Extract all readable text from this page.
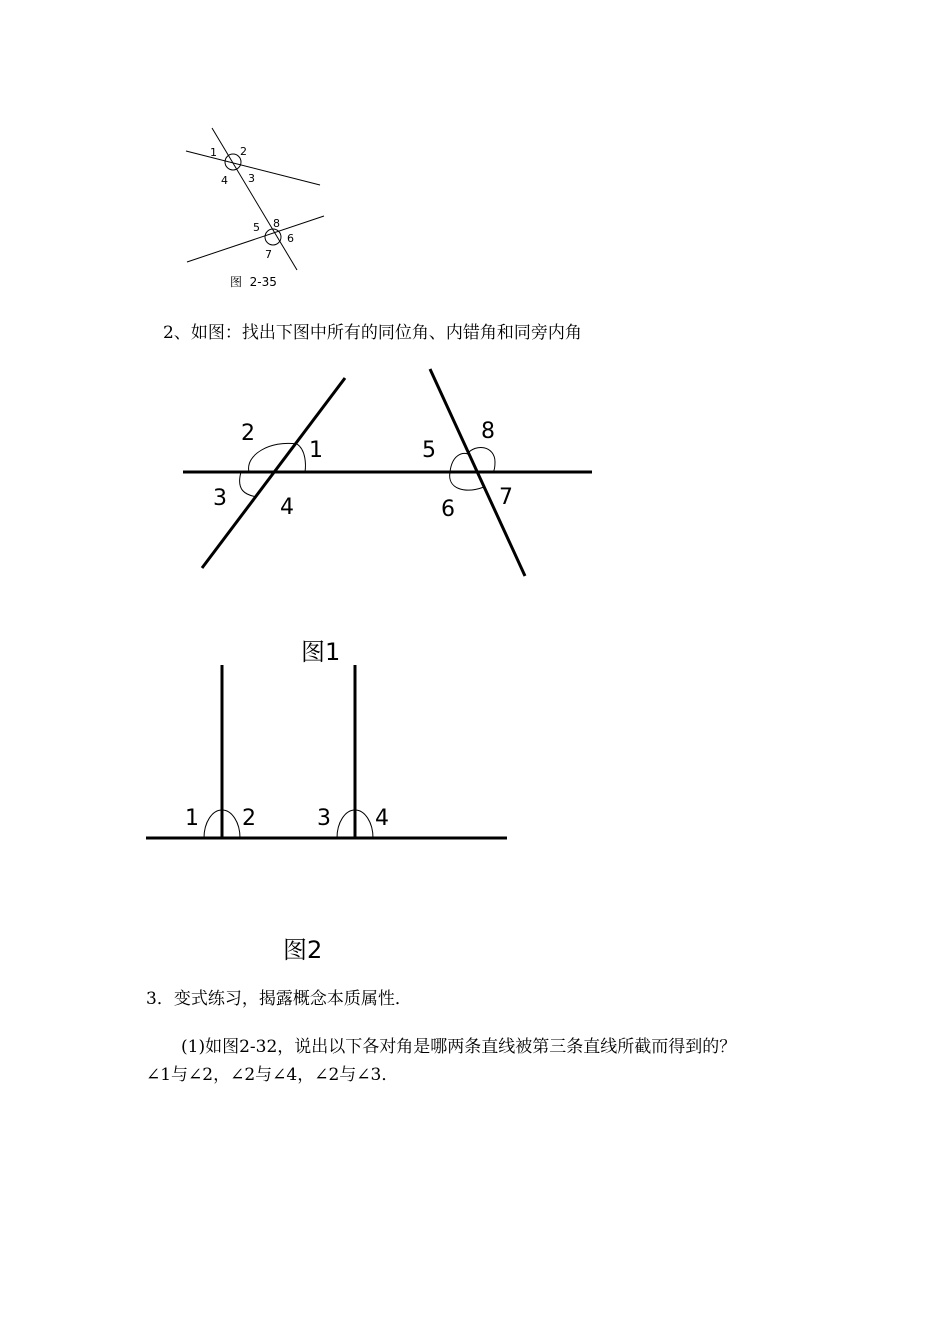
1 2
3
4
5 8
6
7
图  2-35
2、如图：找出下图中所有的同位角、内错角和同旁内角
2
1
3 4
5
8
6 7
图1
1 2	3 4
图2
3．变式练习，揭露概念本质属性．
(1)如图2-32，说出以下各对角是哪两条直线被第三条直线所截而得到的？
∠1与∠2，∠2与∠4，∠2与∠3．
